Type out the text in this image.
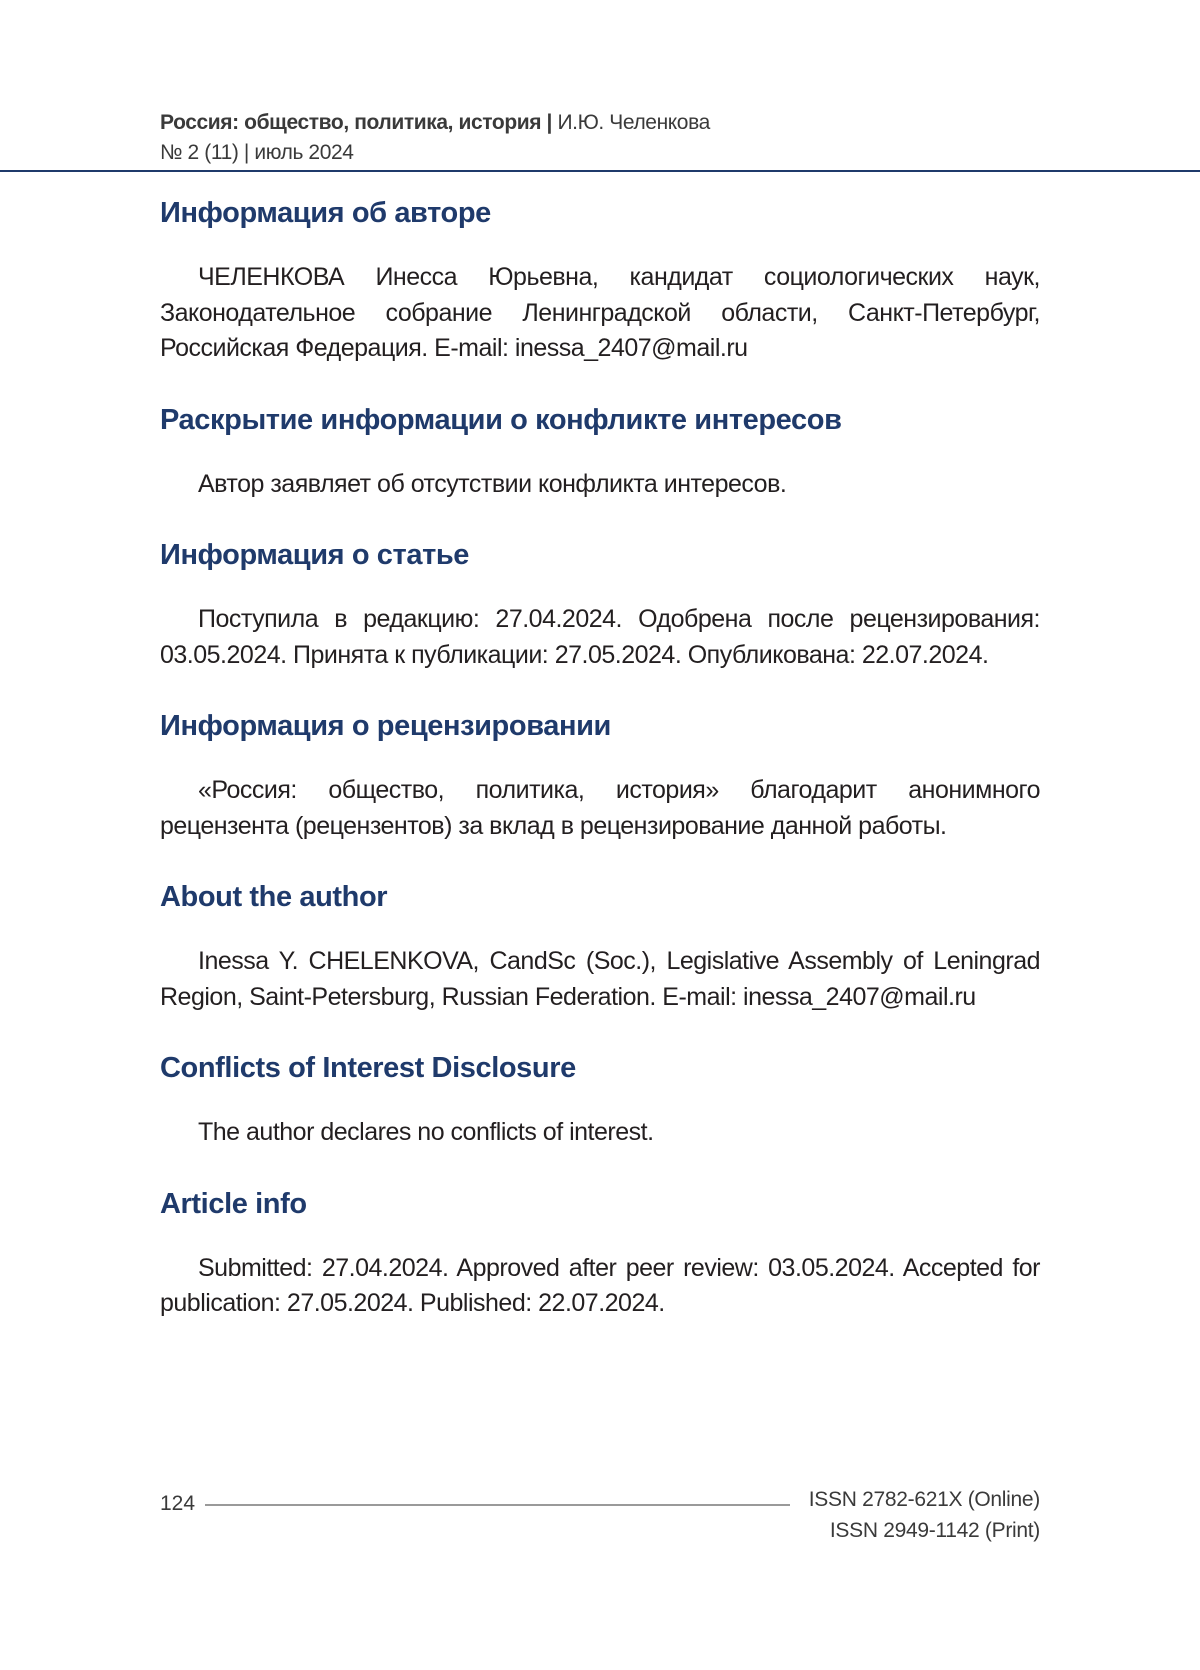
Россия: общество, политика, история | И.Ю. Челенкова
№ 2 (11) | июль 2024
Информация об авторе

ЧЕЛЕНКОВА Инесса Юрьевна, кандидат социологических наук, Законодательное собрание Ленинградской области, Санкт-Петербург, Российская Федерация. E-mail: inessa_2407@mail.ru

Раскрытие информации о конфликте интересов

Автор заявляет об отсутствии конфликта интересов.

Информация о статье

Поступила в редакцию: 27.04.2024. Одобрена после рецензирования: 03.05.2024. Принята к публикации: 27.05.2024. Опубликована: 22.07.2024.

Информация о рецензировании

«Россия: общество, политика, история» благодарит анонимного рецензента (рецензентов) за вклад в рецензирование данной работы.

About the author

Inessa Y. CHELENKOVA, CandSc (Soc.), Legislative Assembly of Leningrad Region, Saint-Petersburg, Russian Federation. E-mail: inessa_2407@mail.ru

Conflicts of Interest Disclosure

The author declares no conflicts of interest.

Article info

Submitted: 27.04.2024. Approved after peer review: 03.05.2024. Accepted for publication: 27.05.2024. Published: 22.07.2024.

124	ISSN 2782-621X (Online)
ISSN 2949-1142 (Print)
